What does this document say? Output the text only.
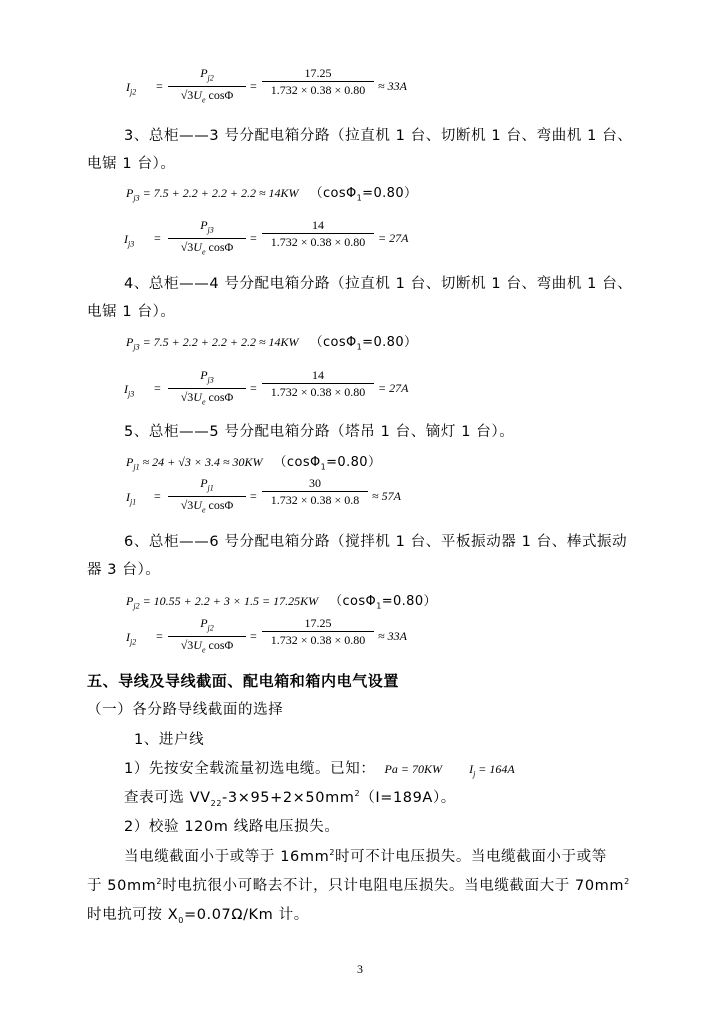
$I_{j2}$ =
$P_{j2}$
$√3U_e$ cosΦ
=
17.25
1.732 × 0.38 × 0.80	≈ 33A
3、总柜——3 号分配电箱分路（拉直机 1 台、切断机 1 台、弯曲机 1 台、
电锯 1 台）。
$P_{j3} = 7.5 + 2.2 + 2.2 + 2.2 \approx 14KW$ （cosΦ$_1$=0.80）
$I_{j3}$ =
$P_{j3}$
$√3U_e$ cosΦ
=
14
1.732 × 0.38 × 0.80	= 27A
4、总柜——4 号分配电箱分路（拉直机 1 台、切断机 1 台、弯曲机 1 台、
电锯 1 台）。
$P_{j3} = 7.5 + 2.2 + 2.2 + 2.2 \approx 14KW$ （cosΦ$_1$=0.80）
$I_{j3}$ =
$P_{j3}$
$√3U_e$ cosΦ
=
14
1.732 × 0.38 × 0.80	= 27A
5、总柜——5 号分配电箱分路（塔吊 1 台、镝灯 1 台）。
$P_{j1} \approx 24 + √3 \times 3.4 \approx 30KW$ （cosΦ$_1$=0.80）
$I_{j1}$ =
$P_{j1}$
$√3U_e$ cosΦ
=
30
1.732 × 0.38 × 0.8	≈ 57A
6、总柜——6 号分配电箱分路（搅拌机 1 台、平板振动器 1 台、棒式振动
器 3 台）。
$P_{j2} = 10.55 + 2.2 + 3 \times 1.5 = 17.25KW$ （cosΦ$_1$=0.80）
$I_{j2}$ =
$P_{j2}$
$√3U_e$ cosΦ
=
17.25
1.732 × 0.38 × 0.80	≈ 33A
五、导线及导线截面、配电箱和箱内电气设置
（一）各分路导线截面的选择
1、进户线
1）先按安全载流量初选电缆。已知： Pa = 70KW $I_j = 164A$
查表可选 $VV_{22}-3\times 95+2\times 50mm^2(I=189A)$。
2）校验 120m 线路电压损失。
当电缆截面小于或等于 $16mm^2$时可不计电压损失。当电缆截面小于或等
于 $50mm^2$时电抗很小可略去不计，只计电阻电压损失。当电缆截面大于 $70mm^2$
时电抗可按 $X_0=0.07\Omega/Km$ 计。
3
